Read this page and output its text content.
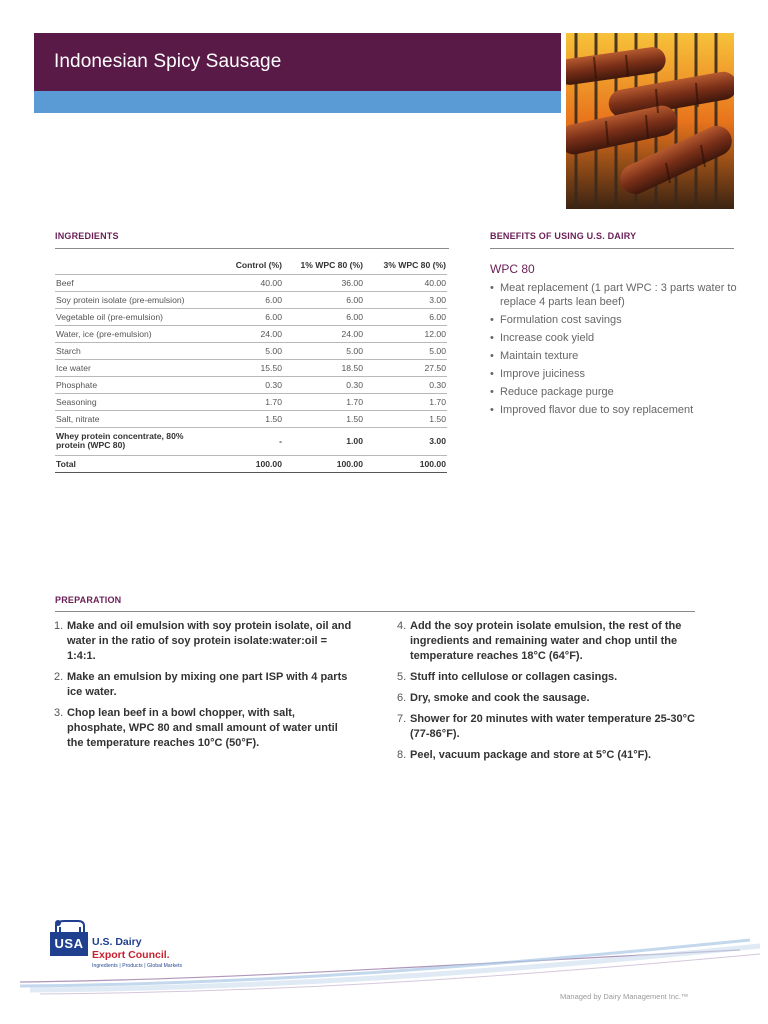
Indonesian Spicy Sausage
INGREDIENTS
	Control (%)	1% WPC 80 (%)	3% WPC 80 (%)
Beef	40.00	36.00	40.00
Soy protein isolate (pre-emulsion)	6.00	6.00	3.00
Vegetable oil (pre-emulsion)	6.00	6.00	6.00
Water, ice (pre-emulsion)	24.00	24.00	12.00
Starch	5.00	5.00	5.00
Ice water	15.50	18.50	27.50
Phosphate	0.30	0.30	0.30
Seasoning	1.70	1.70	1.70
Salt, nitrate	1.50	1.50	1.50
Whey protein concentrate, 80% protein (WPC 80)	-	1.00	3.00
Total	100.00	100.00	100.00
BENEFITS OF USING U.S. DAIRY
WPC 80
• Meat replacement (1 part WPC : 3 parts water to replace 4 parts lean beef)
• Formulation cost savings
• Increase cook yield
• Maintain texture
• Improve juiciness
• Reduce package purge
• Improved flavor due to soy replacement
PREPARATION
1. Make and oil emulsion with soy protein isolate, oil and water in the ratio of soy protein isolate:water:oil = 1:4:1.
2. Make an emulsion by mixing one part ISP with 4 parts ice water.
3. Chop lean beef in a bowl chopper, with salt, phosphate, WPC 80 and small amount of water until the temperature reaches 10°C (50°F).
4. Add the soy protein isolate emulsion, the rest of the ingredients and remaining water and chop until the temperature reaches 18°C (64°F).
5. Stuff into cellulose or collagen casings.
6. Dry, smoke and cook the sausage.
7. Shower for 20 minutes with water temperature 25-30°C (77-86°F).
8. Peel, vacuum package and store at 5°C (41°F).
USA U.S. Dairy
Export Council.
Ingredients | Products | Global Markets
Managed by Dairy Management Inc.™
